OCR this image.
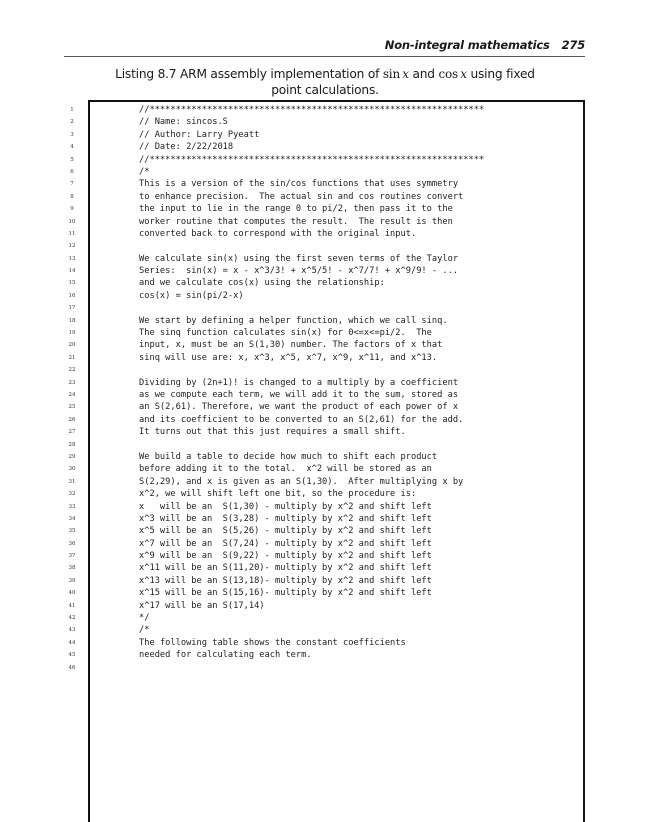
Non-integral mathematics 275
Listing 8.7 ARM assembly implementation of sin  x and cos  x using fixed point calculations.
1	//****************************************************************
2	// Name: sincos.S
3	// Author: Larry Pyeatt
4	// Date: 2/22/2018
5	//****************************************************************
6	/*
7	This is a version of the sin/cos functions that uses symmetry
8	to enhance precision.  The actual sin and cos routines convert
9	the input to lie in the range 0 to pi/2, then pass it to the
10	worker routine that computes the result.  The result is then
11	converted back to correspond with the original input.
12
13	We calculate sin(x) using the first seven terms of the Taylor
14	Series:  sin(x) = x - x^3/3! + x^5/5! - x^7/7! + x^9/9! - ...
15	and we calculate cos(x) using the relationship:
16	cos(x) = sin(pi/2-x)
17
18	We start by defining a helper function, which we call sinq.
19	The sinq function calculates sin(x) for 0<=x<=pi/2.  The
20	input, x, must be an S(1,30) number. The factors of x that
21	sinq will use are: x, x^3, x^5, x^7, x^9, x^11, and x^13.
22
23	Dividing by (2n+1)! is changed to a multiply by a coefficient
24	as we compute each term, we will add it to the sum, stored as
25	an S(2,61). Therefore, we want the product of each power of x
26	and its coefficient to be converted to an S(2,61) for the add.
27	It turns out that this just requires a small shift.
28
29	We build a table to decide how much to shift each product
30	before adding it to the total.  x^2 will be stored as an
31	S(2,29), and x is given as an S(1,30).  After multiplying x by
32	x^2, we will shift left one bit, so the procedure is:
33	x   will be an  S(1,30) - multiply by x^2 and shift left
34	x^3 will be an  S(3,28) - multiply by x^2 and shift left
35	x^5 will be an  S(5,26) - multiply by x^2 and shift left
36	x^7 will be an  S(7,24) - multiply by x^2 and shift left
37	x^9 will be an  S(9,22) - multiply by x^2 and shift left
38	x^11 will be an S(11,20)- multiply by x^2 and shift left
39	x^13 will be an S(13,18)- multiply by x^2 and shift left
40	x^15 will be an S(15,16)- multiply by x^2 and shift left
41	x^17 will be an S(17,14)
42	*/
43	/*
44	The following table shows the constant coefficients
45	needed for calculating each term.
46
